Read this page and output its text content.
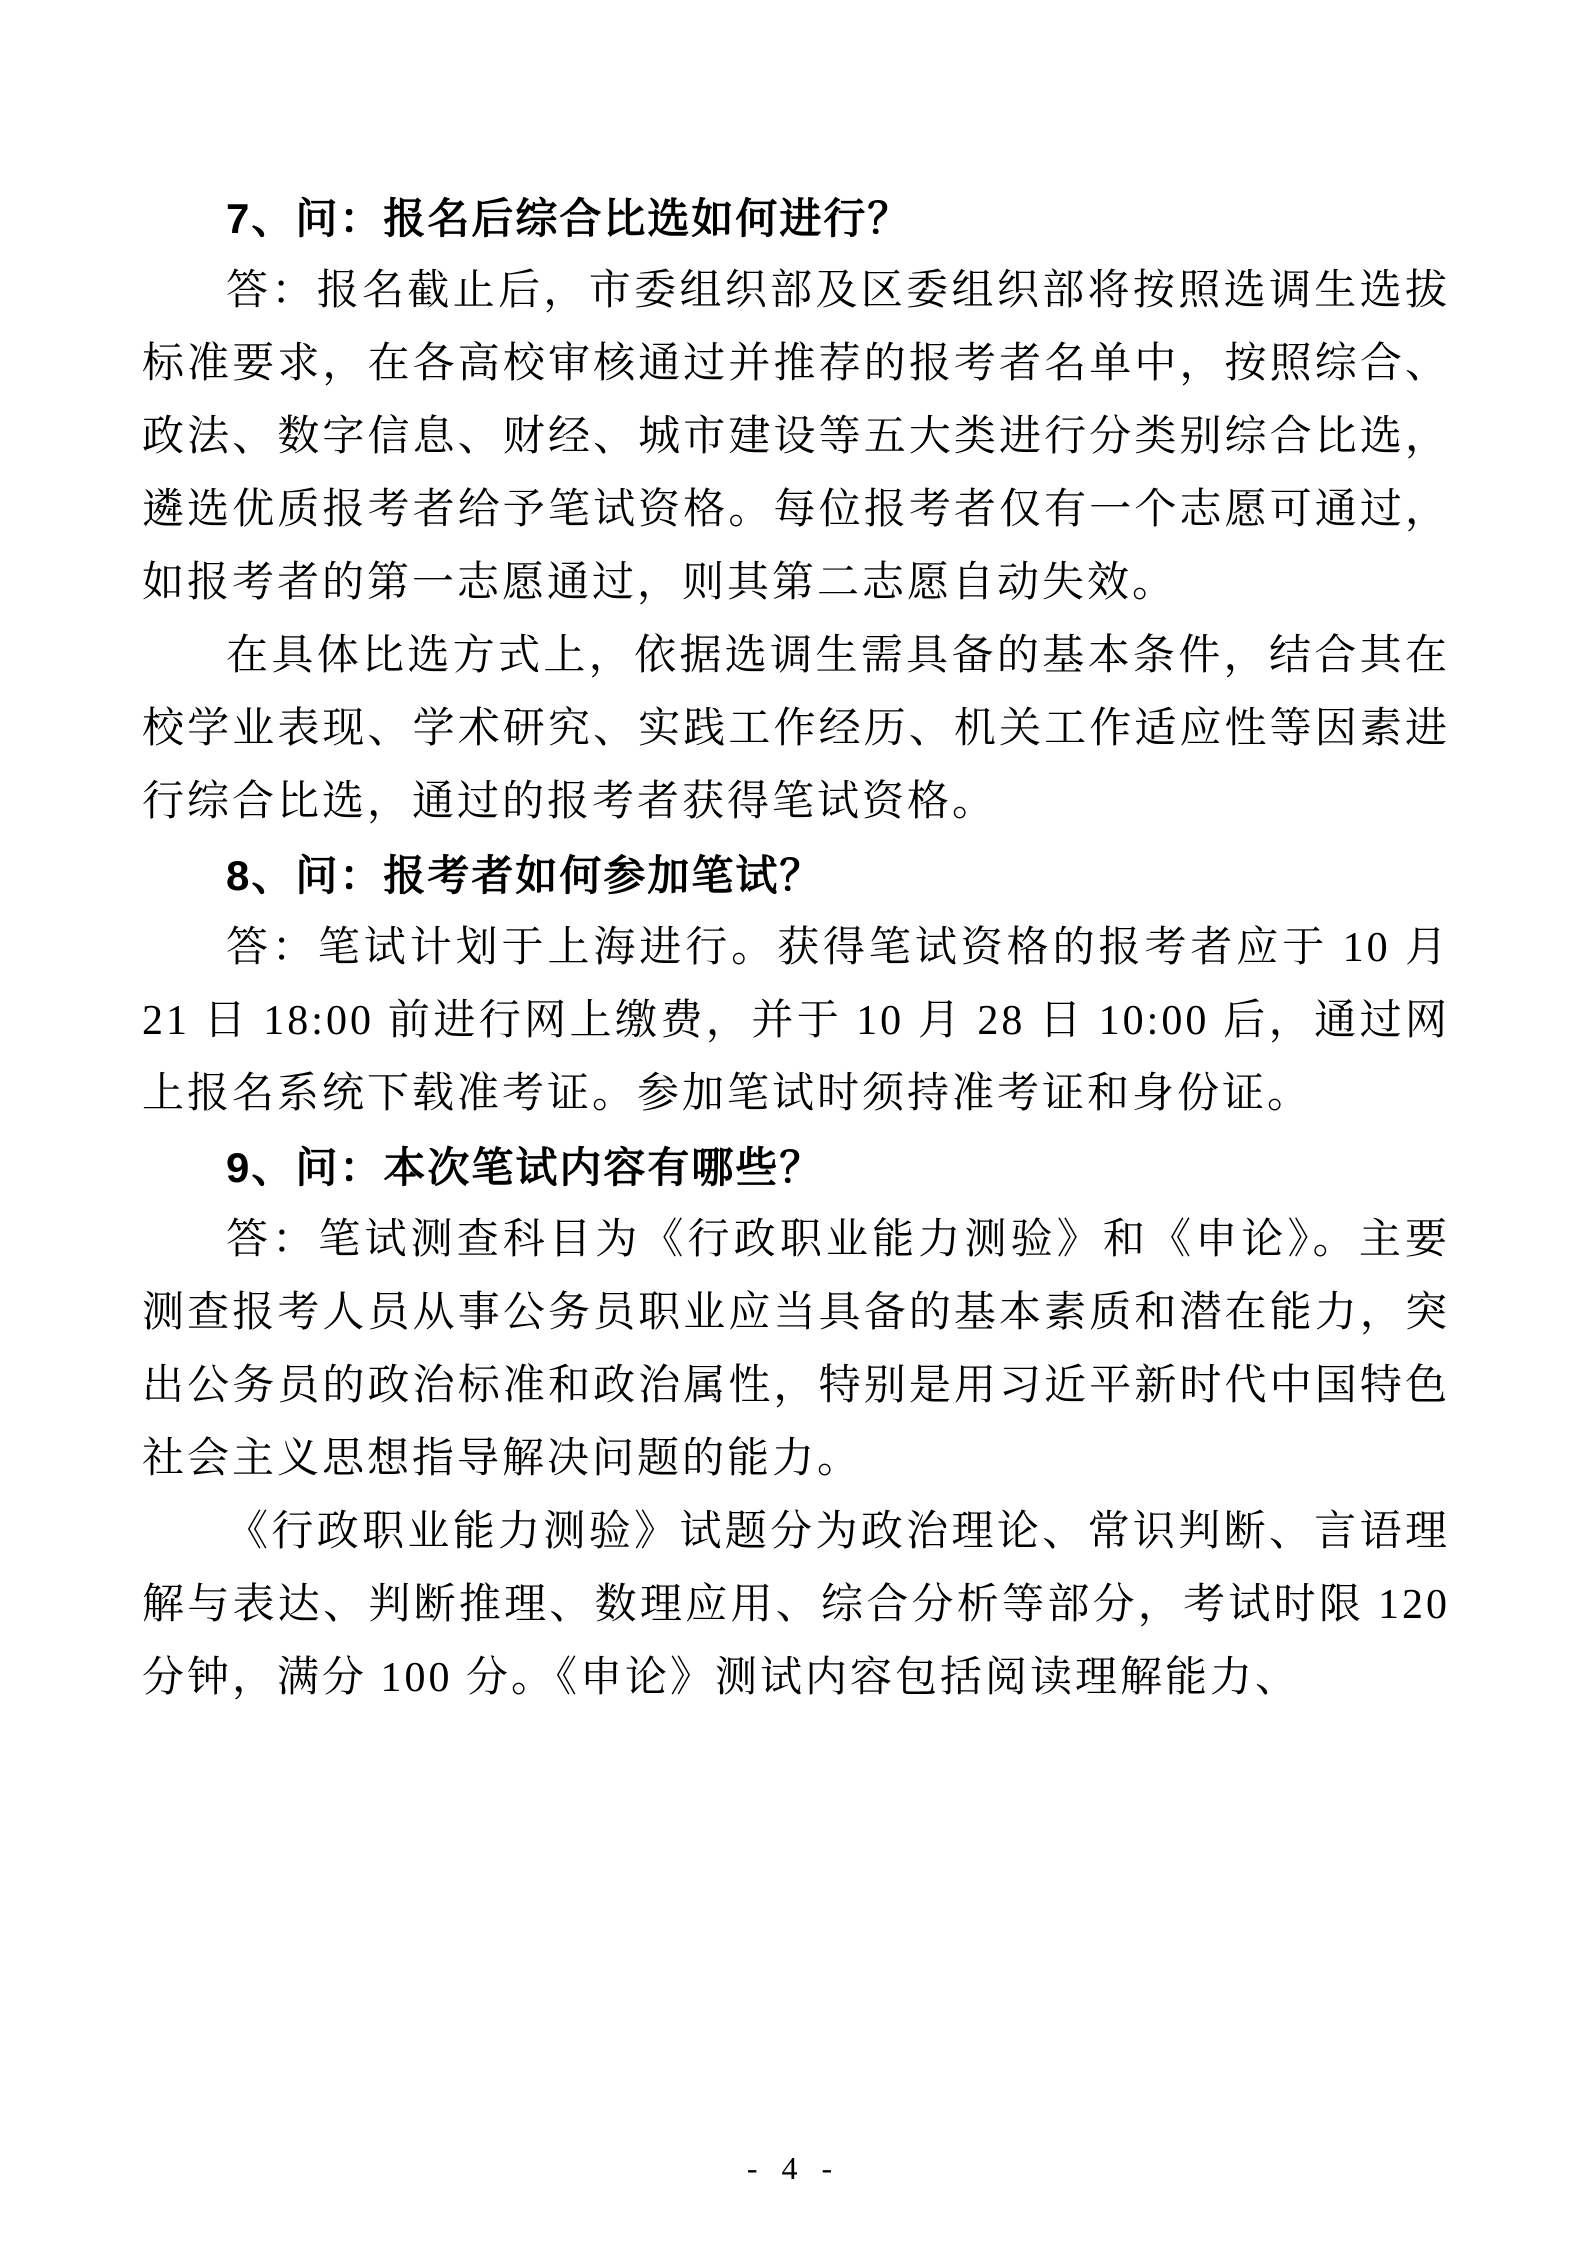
7、问：报名后综合比选如何进行？

答：报名截止后，市委组织部及区委组织部将按照选调生选拔标准要求，在各高校审核通过并推荐的报考者名单中，按照综合、政法、数字信息、财经、城市建设等五大类进行分类别综合比选，遴选优质报考者给予笔试资格。每位报考者仅有一个志愿可通过，如报考者的第一志愿通过，则其第二志愿自动失效。

在具体比选方式上，依据选调生需具备的基本条件，结合其在校学业表现、学术研究、实践工作经历、机关工作适应性等因素进行综合比选，通过的报考者获得笔试资格。

8、问：报考者如何参加笔试？

答：笔试计划于上海进行。获得笔试资格的报考者应于 10 月 21 日 18:00 前进行网上缴费，并于 10 月 28 日 10:00 后，通过网上报名系统下载准考证。参加笔试时须持准考证和身份证。

9、问：本次笔试内容有哪些？

答：笔试测查科目为《行政职业能力测验》和《申论》。主要测查报考人员从事公务员职业应当具备的基本素质和潜在能力，突出公务员的政治标准和政治属性，特别是用习近平新时代中国特色社会主义思想指导解决问题的能力。

《行政职业能力测验》试题分为政治理论、常识判断、言语理解与表达、判断推理、数理应用、综合分析等部分，考试时限 120 分钟，满分 100 分。《申论》测试内容包括阅读理解能力、

- 4 -
